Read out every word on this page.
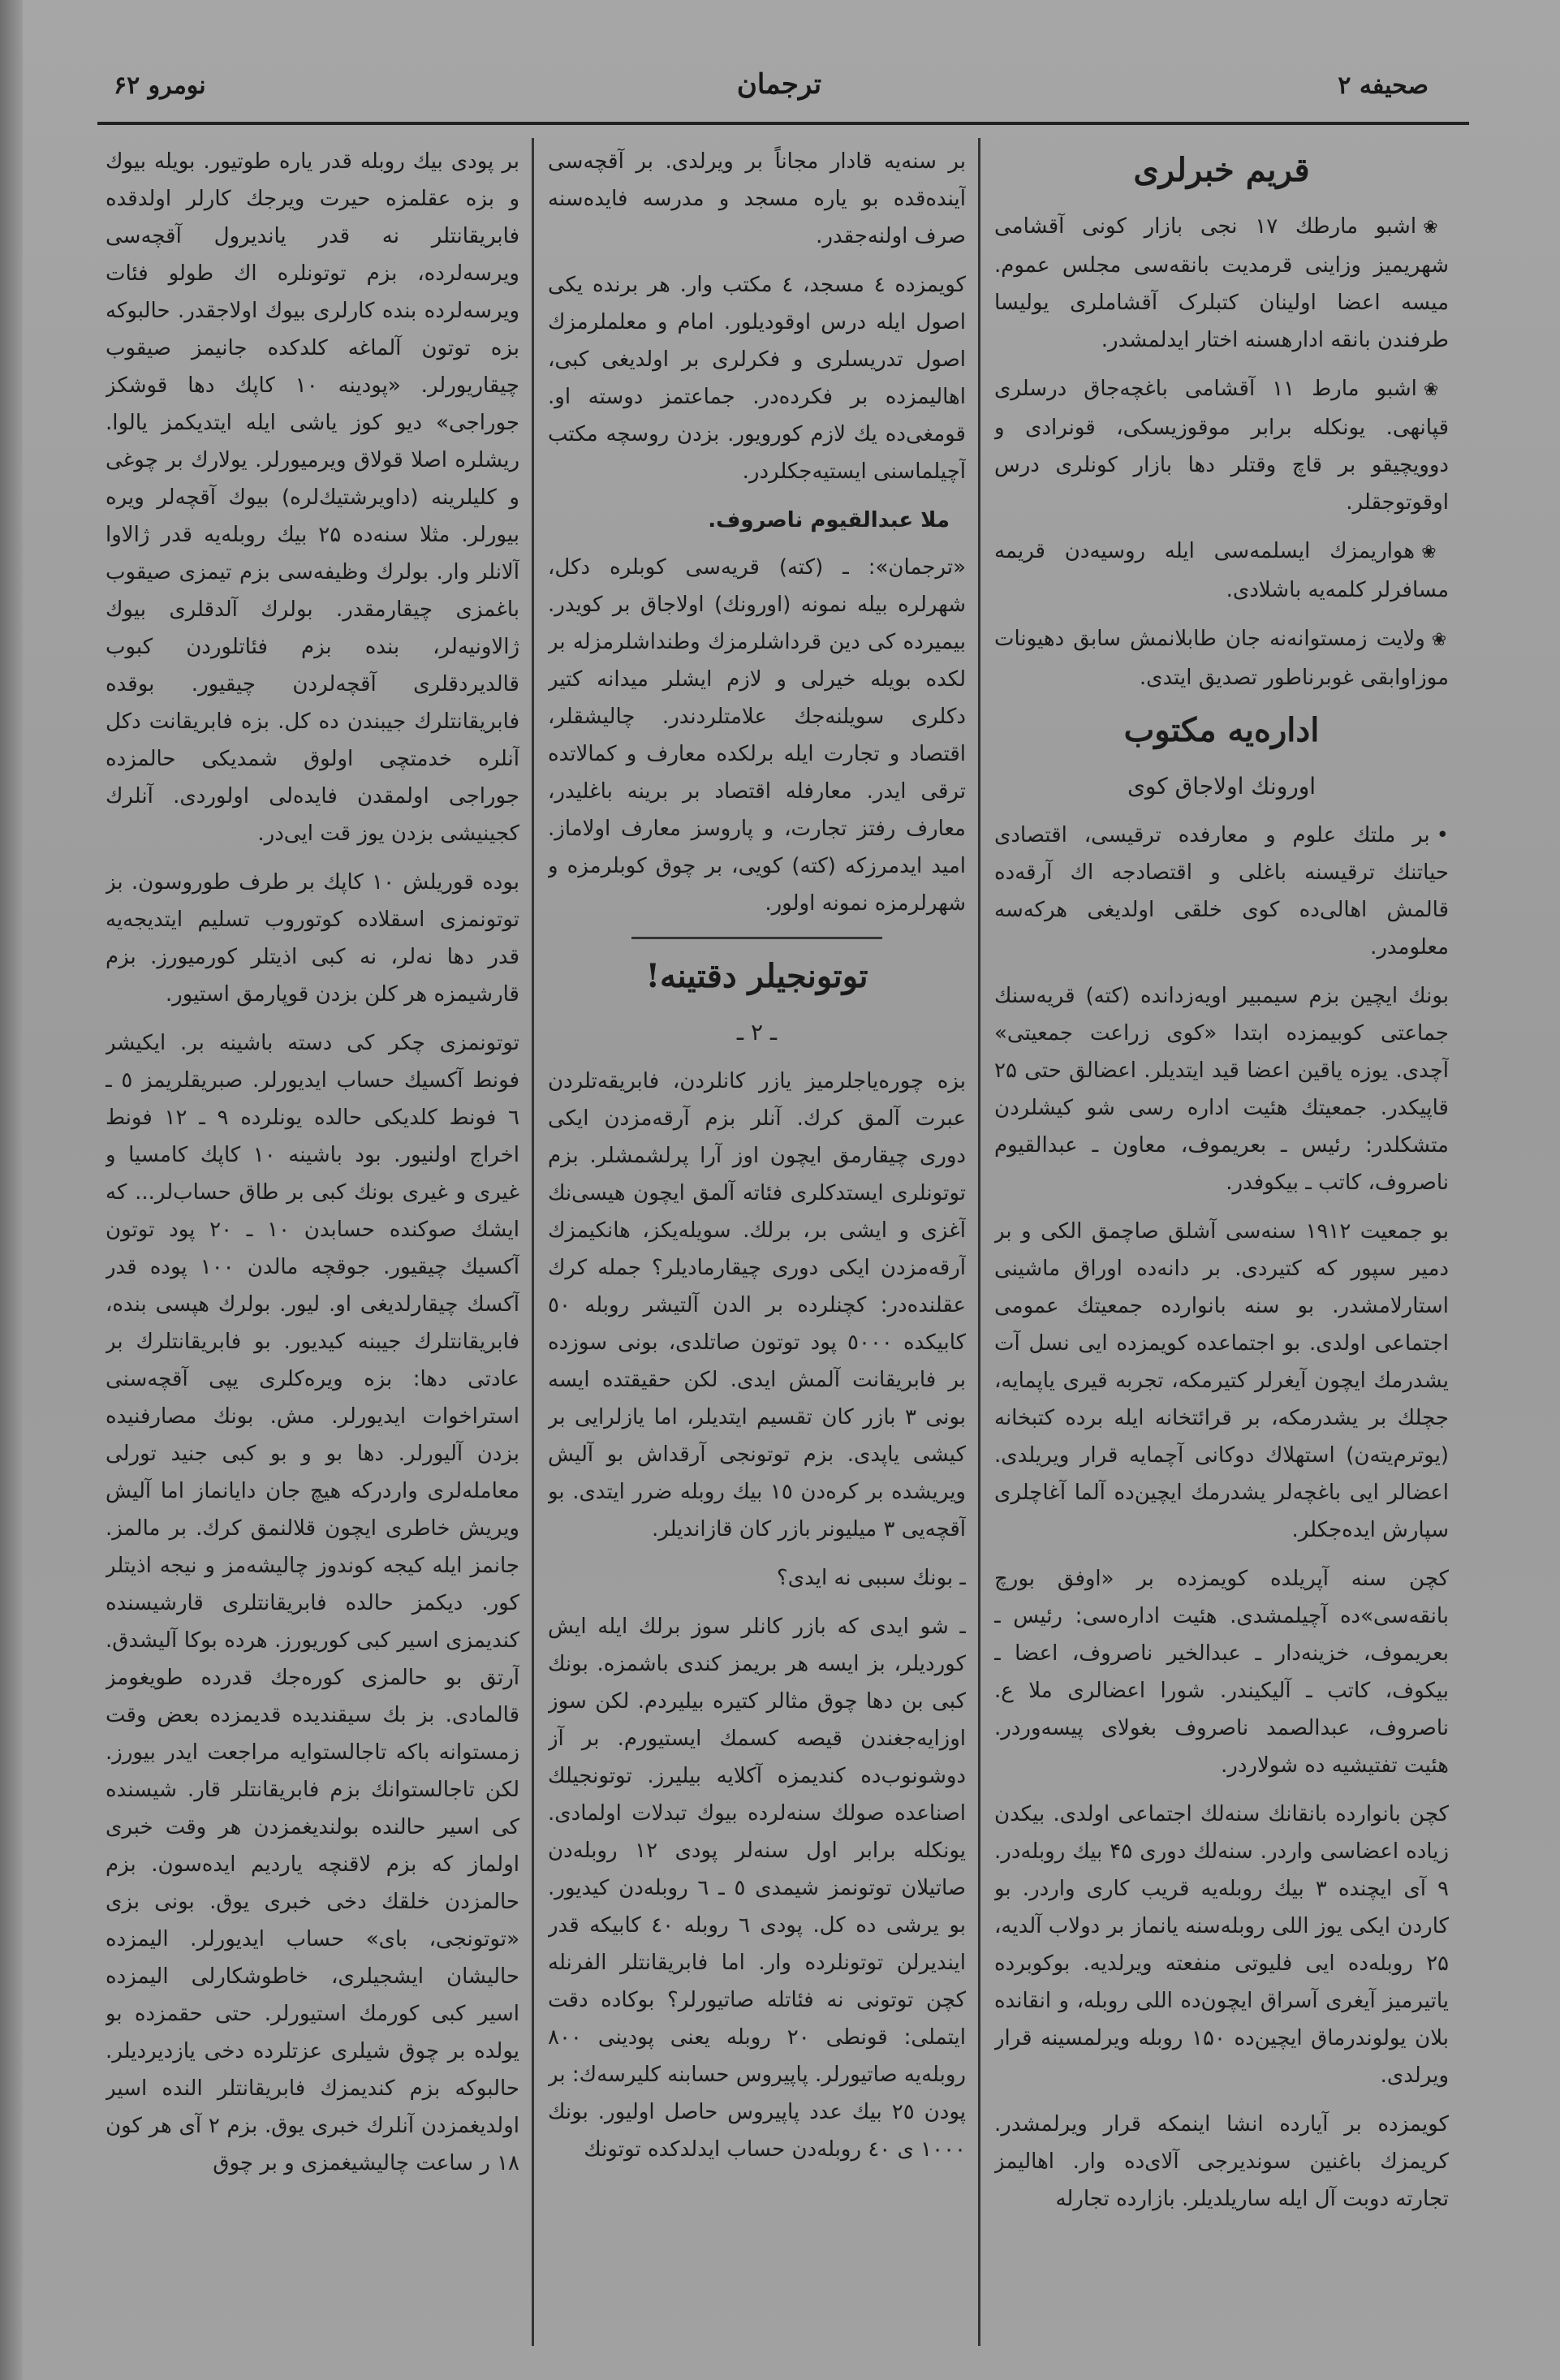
صحیفه ۲
ترجمان
نومرو ۶۲
قریم خبرلری

❀ اشبو مارطك ۱۷ نجی بازار کونی آقشامی شهریمیز وزاینی قرمدیت بانقه‌سی مجلس عموم. میسه اعضا اولینان کتبلرک آقشاملری یولیسا طرفندن بانقه ادارهسنه اختار ایدلمشدر.

❀ اشبو مارط ۱۱ آقشامی باغچه‌جاق درسلری قپانهی. یونکله برابر موقوزیسکی، قونرادی و دوویچیقو بر قاچ وقتلر دها بازار کونلری درس اوقوتوجقلر.

❀ هواریمزك ایسلمه‌سی ایله روسیه‌دن قریمه مسافرلر کلمه‌یه باشلادی.

❀ ولایت زمستوانه‌نه جان طابلانمش سابق دهیونات موزاوابقی غوبرناطور تصدیق ایتدی.

اداره‌یه مکتوب
اورونك اولاجاق کوی

• بر ملتك علوم و معارفده ترقیسی، اقتصادی حیاتنك ترقیسنه باغلی و اقتصادجه اك آرقه‌ده قالمش اهالی‌ده کوی خلقی اولدیغی هرکه‌سه معلومدر.

بونك ایچین بزم سیمبیر اویه‌زدانده (کته) قریه‌سنك جماعتی کوبیمزده ابتدا «کوی زراعت جمعیتی» آچدی. یوزه یاقین اعضا قید ایتدیلر. اعضالق حتی ۲۵ قاپیکدر. جمعیتك هئیت اداره رسی شو کیشلردن متشکلدر: رئیس ـ بعریموف، معاون ـ عبدالقیوم ناصروف، کاتب ـ بیکوفدر.

بو جمعیت ۱۹۱۲ سنه‌سی آشلق صاچمق الکی و بر دمیر سپور که کتیردی. بر دانه‌ده اوراق ماشینی استارلامشدر. بو سنه بانوارده جمعیتك عمومی اجتماعی اولدی. بو اجتماعده کویمزده ایی نسل آت یشدرمك ایچون آیغرلر کتیرمکه، تجربه قیری یاپمایه، جچلك بر یشدرمکه، بر قرائتخانه ایله برده کتبخانه (یوترم‌یته‌ن) استهلاك دوکانی آچمایه قرار ویریلدی. اعضالر ایی باغچه‌لر یشدرمك ایچین‌ده آلما آغاچلری سپارش ایده‌جکلر.

کچن سنه آپریلده کویمزده بر «اوفق بورچ بانقه‌سی»ده آچیلمشدی. هئیت اداره‌سی: رئیس ـ بعریموف، خزینه‌دار ـ عبدالخیر ناصروف، اعضا ـ بیکوف، کاتب ـ آلیکیندر. شورا اعضالری ملا ع. ناصروف، عبدالصمد ناصروف بغولای پیسه‌وردر. هئیت تفتیشیه ده شولاردر.

کچن بانوارده بانقانك سنه‌لك اجتماعی اولدی. بیکدن زیاده اعضاسی واردر. سنه‌لك دوری ۴۵ بیك روبله‌در. ۹ آی ایچنده ۳ بیك روبله‌یه قریب کاری واردر. بو کاردن ایکی یوز اللی روبله‌سنه یانماز بر دولاب آلدیه، ۲۵ روبله‌ده ایی فلیوتی منفعته ویرلدیه. بوکوبرده یاتیرمیز آیغری آسراق ایچون‌ده اللی روبله، و انقانده بلان یولوندرماق ایچین‌ده ۱۵۰ روبله ویرلمسینه قرار ویرلدی.

کویمزده بر آیارده انشا اینمکه قرار ویرلمشدر. کریمزك باغنین سوندیرجی آلای‌ده وار. اهالیمز تجارته دوبت آل ایله ساریلدیلر. بازارده تجارله

بر سنه‌یه قادار مجاناً بر ویرلدی. بر آقچه‌سی آینده‌قده بو یاره مسجد و مدرسه فایده‌سنه صرف اولنه‌جقدر.

کویمزده ٤ مسجد، ٤ مکتب وار. هر برنده یکی اصول ایله درس اوقودیلور. امام و معلملرمزك اصول تدریسلری و فکرلری بر اولدیغی کبی، اهالیمزده بر فکرده‌در. جماعتمز دوسته او. قومغی‌ده یك لازم کورویور. بزدن روسچه مکتب آچیلماسنی ایستیه‌جکلردر.

ملا عبدالقیوم ناصروف.

«ترجمان»: ـ (کته) قریه‌سی کوبلره دکل، شهرلره بیله نمونه (اورونك) اولاجاق بر کویدر. بیمیرده کی دین قرداشلرمزك وطنداشلرمزله بر لکده بویله خیرلی و لازم ایشلر میدانه کتیر دکلری سویلنه‌جك علامتلردندر. چالیشقلر، اقتصاد و تجارت ایله برلکده معارف و کمالاتده ترقی ایدر. معارفله اقتصاد بر برینه باغلیدر، معارف رفتز تجارت، و پاروسز معارف اولاماز. امید ایدمرزکه (کته) کویی، بر چوق کوبلرمزه و شهرلرمزه نمونه اولور.

توتونجیلر دقتینه!
ـ ۲ ـ

بزه چوره‌یاجلرمیز یازر کانلردن، فابریقه‌تلردن عبرت آلمق کرك. آنلر بزم آرقه‌مزدن ایکی دوری چیقارمق ایچون اوز آرا پرلشمشلر. بزم توتونلری ایستدکلری فئاته آلمق ایچون هیسی‌نك آغزی و ایشی بر، برلك. سویله‌یکز، هانکیمزك آرقه‌مزدن ایکی دوری چیقارمادیلر؟ جمله کرك عقلنده‌در: کچنلرده بر الدن آلتیشر روبله ٥٠ کابیکده ٥٠٠٠ پود توتون صاتلدی، بونی سوزده بر فابریقانت آلمش ایدی. لکن حقیقتده ایسه بونی ۳ بازر کان تقسیم ایتدیلر، اما یازلرایی بر کیشی یاپدی. بزم توتونجی آرقداش بو آلیش ویریشده بر کره‌دن ۱٥ بیك روبله ضرر ایتدی. بو آقچه‌یی ۳ میلیونر بازر کان قازاندیلر.

ـ بونك سببی نه ایدی؟

ـ شو ایدی که بازر کانلر سوز برلك ایله ایش کوردیلر، بز ایسه هر بریمز کندی باشمزه. بونك کبی بن دها چوق مثالر کتیره بیلیردم. لکن سوز اوزایه‌جغندن قیصه کسمك ایستیورم. بر آز دوشونوب‌ده کندیمزه آکلایه بیلیرز. توتونجیلك اصناعده صولك سنه‌لرده بیوك تبدلات اولمادی. یونکله برابر اول سنه‌لر پودی ۱۲ روبله‌دن صاتیلان توتونمز شیمدی ٥ ـ ٦ روبله‌دن کیدیور. بو یرشی ده کل. پودی ٦ روبله ٤٠ کابیکه قدر ایندیرلن توتونلرده وار. اما فابریقانتلر الفرنله کچن توتونی نه فئاتله صاتیورلر؟ بوکاده دقت ایتملی: قونطی ٢٠ روبله یعنی پودینی ٨٠٠ روبله‌یه صاتیورلر. پاپیروس حسابنه کلیرسه‌ك: بر پودن ٢٥ بیك عدد پاپیروس حاصل اولیور. بونك ۱۰۰۰ ی ٤٠ روبله‌دن حساب ایدلدکده توتونك

بر پودی بیك روبله قدر یاره طوتیور. بویله بیوك و بزه عقلمزه حیرت ویرجك کارلر اولدقده فابریقانتلر نه قدر یاندیرول آقچه‌سی ویرسه‌لرده، بزم توتونلره اك طولو فئات ویرسه‌لرده بنده کارلری بیوك اولاجقدر. حالبوکه بزه توتون آلماغه کلدکده جانیمز صیقوب چیقاریورلر. «پودینه ۱۰ کاپك دها قوشکز جوراجی» دیو کوز یاشی ایله ایتدیکمز یالوا. ریشلره اصلا قولاق ویرمیورلر. یولارك بر چوغی و کلیلرینه (داویرشتیك‌لره) بیوك آقچه‌لر ویره بیورلر. مثلا سنه‌ده ۲۵ بیك روبله‌یه قدر ژالاوا آلانلر وار. بولرك وظیفه‌سی بزم تیمزی صیقوب باغمزی چیقارمقدر. بولرك آلدقلری بیوك ژالاونیه‌لر، بنده بزم فئاتلوردن کبوب قالدیردقلری آقچه‌لردن چیقیور. بوقده فابریقانتلرك جیبندن ده کل. بزه فابریقانت دکل آنلره خدمتچی اولوق شمدیکی حالمزده جوراجی اولمقدن فایده‌لی اولوردی. آنلرك کجینیشی بزدن یوز قت ایی‌در.

بوده قوریلش ۱۰ کاپك بر طرف طوروسون. بز توتونمزی اسقلاده کوتوروب تسلیم ایتدیجه‌یه قدر دها نه‌لر، نه کبی اذیتلر کورمیورز. بزم قارشیمزه هر کلن بزدن قوپارمق استیور.

توتونمزی چکر کی دسته باشینه بر. ایکیشر فونط آکسیك حساب ایدیورلر. صبریقلریمز ٥ ـ ٦ فونط کلدیکی حالده یونلرده ۹ ـ ۱۲ فونط اخراج اولنیور. بود باشینه ۱۰ کاپك کامسیا و غیری و غیری بونك کبی بر طاق حساب‌لر... که ایشك صوکنده حسابدن ۱۰ ـ ۲۰ پود توتون آکسیك چیقیور. جوقچه مالدن ۱۰۰ پوده قدر آکسك چیقارلدیغی او. لیور. بولرك هپسی بنده، فابریقانتلرك جیبنه کیدیور. بو فابریقانتلرك بر عادتی دها: بزه ویره‌کلری یپی آقچه‌سنی استراخوات ایدیورلر. مش. بونك مصارفنیده بزدن آلیورلر. دها بو و بو کبی جنید تورلی معامله‌لری واردرکه هیچ جان دایانماز اما آلیش ویریش خاطری ایچون قلالنمق کرك. بر مالمز. جانمز ایله کیجه کوندوز چالیشه‌مز و نیجه اذیتلر کور. دیکمز حالده فابریقانتلری قارشیسنده کندیمزی اسیر کبی کوریورز. هرده بوکا آلیشدق. آرتق بو حالمزی کوره‌جك قدرده طویغومز قالمادی. بز بك سیقندیده قدیمزده بعض وقت زمستوانه باکه تاجالستوایه مراجعت ایدر بیورز. لکن تاجالستوانك بزم فابریقانتلر قار. شیسنده کی اسیر حالنده بولندیغمزدن هر وقت خبری اولماز که بزم لاقنچه یاردیم ایده‌سون. بزم حالمزدن خلقك دخی خبری یوق. بونی بزی «توتونجی، بای» حساب ایدیورلر. الیمزده حالیشان ایشجیلری، خاطوشکارلی الیمزده اسیر کبی کورمك استیورلر. حتی حقمزده بو یولده بر چوق شیلری عزتلرده دخی یازدیردیلر. حالبوکه بزم کندیمزك فابریقانتلر النده اسیر اولدیغمزدن آنلرك خبری یوق. بزم ۲ آی هر کون ۱۸ ر ساعت چالیشیغمزی و بر چوق
